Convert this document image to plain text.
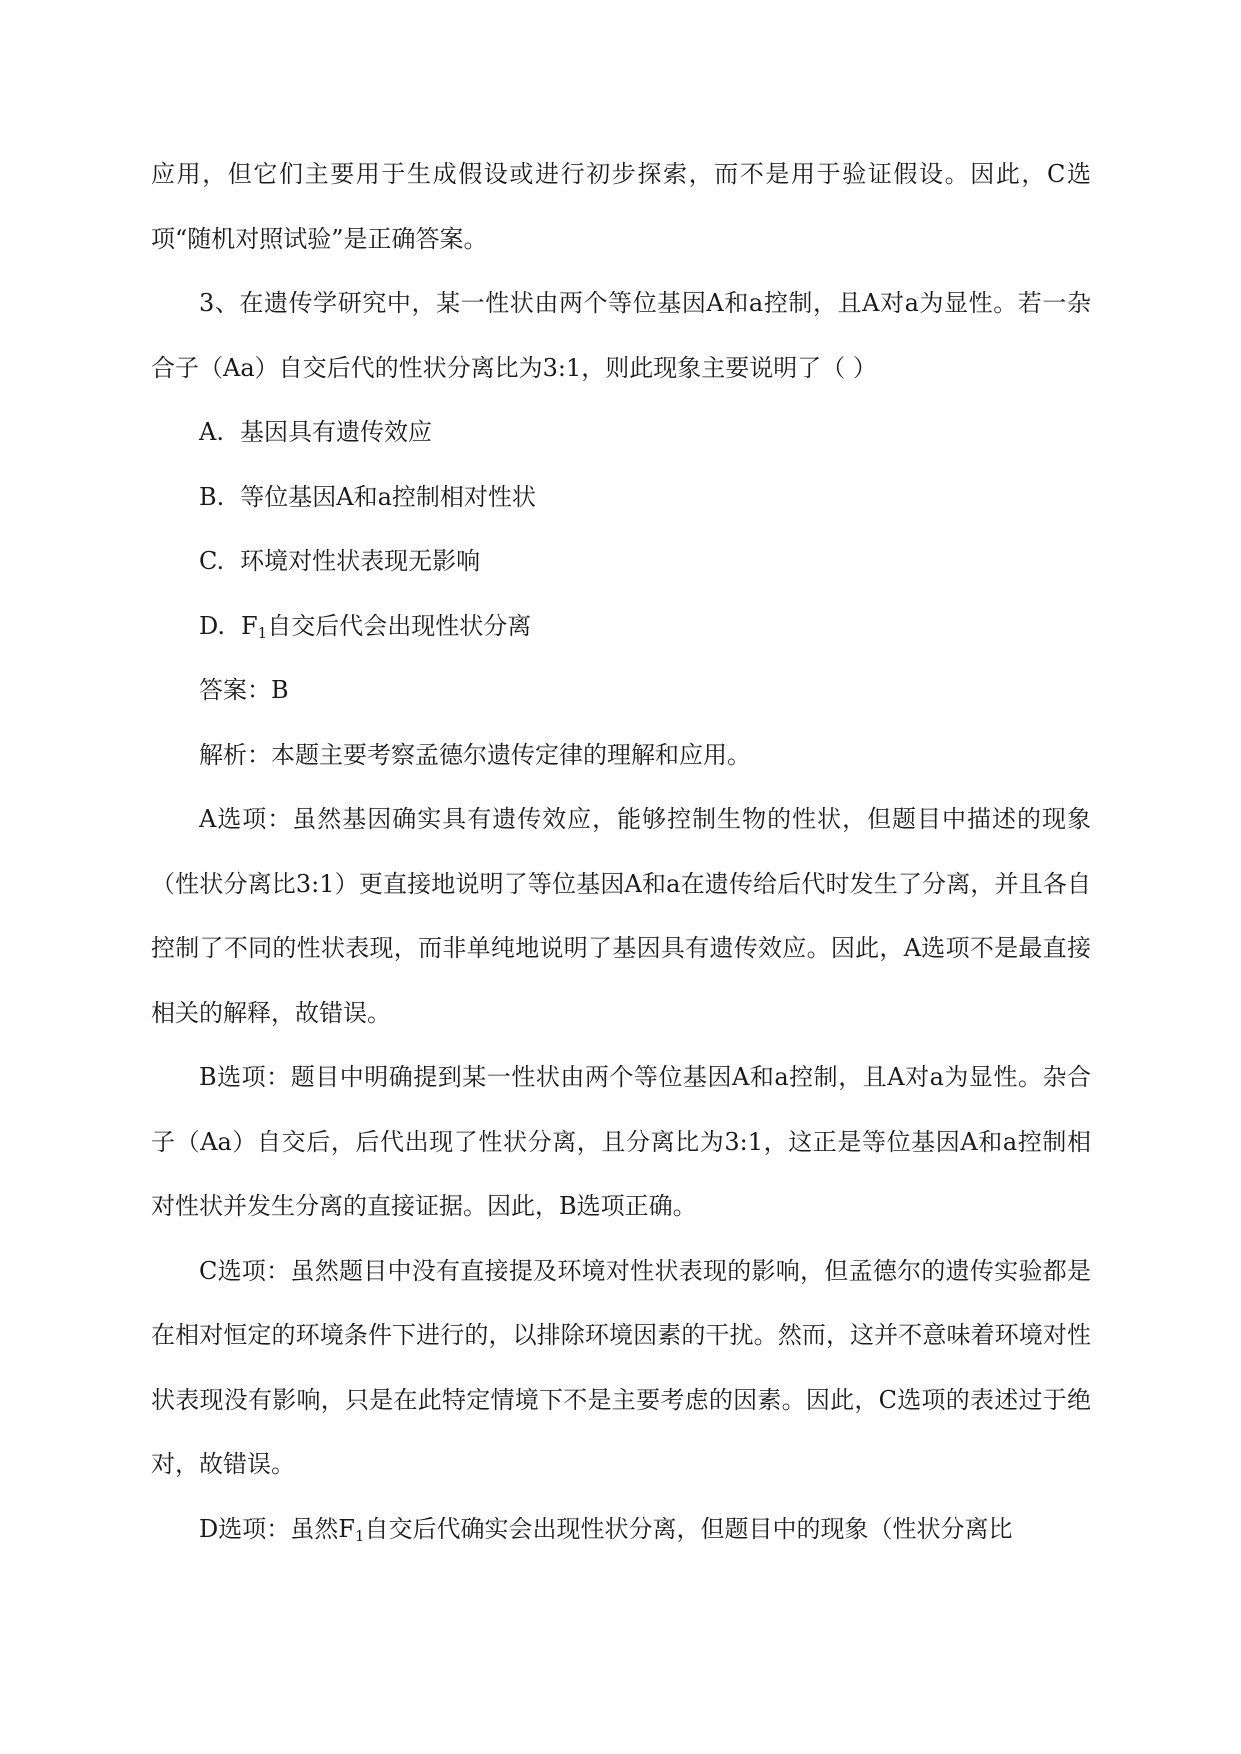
应用，但它们主要用于生成假设或进行初步探索，而不是用于验证假设。因此，C选项“随机对照试验”是正确答案。

3、在遗传学研究中，某一性状由两个等位基因A和a控制，且A对a为显性。若一杂合子（Aa）自交后代的性状分离比为3:1，则此现象主要说明了（ ）

A. 基因具有遗传效应

B. 等位基因A和a控制相对性状

C. 环境对性状表现无影响

D. $F_1$自交后代会出现性状分离

答案：B

解析：本题主要考察孟德尔遗传定律的理解和应用。

A选项：虽然基因确实具有遗传效应，能够控制生物的性状，但题目中描述的现象（性状分离比3:1）更直接地说明了等位基因A和a在遗传给后代时发生了分离，并且各自控制了不同的性状表现，而非单纯地说明了基因具有遗传效应。因此，A选项不是最直接相关的解释，故错误。

B选项：题目中明确提到某一性状由两个等位基因A和a控制，且A对a为显性。杂合子（Aa）自交后，后代出现了性状分离，且分离比为3:1，这正是等位基因A和a控制相对性状并发生分离的直接证据。因此，B选项正确。

C选项：虽然题目中没有直接提及环境对性状表现的影响，但孟德尔的遗传实验都是在相对恒定的环境条件下进行的，以排除环境因素的干扰。然而，这并不意味着环境对性状表现没有影响，只是在此特定情境下不是主要考虑的因素。因此，C选项的表述过于绝对，故错误。

D选项：虽然$F_1$自交后代确实会出现性状分离，但题目中的现象（性状分离比
